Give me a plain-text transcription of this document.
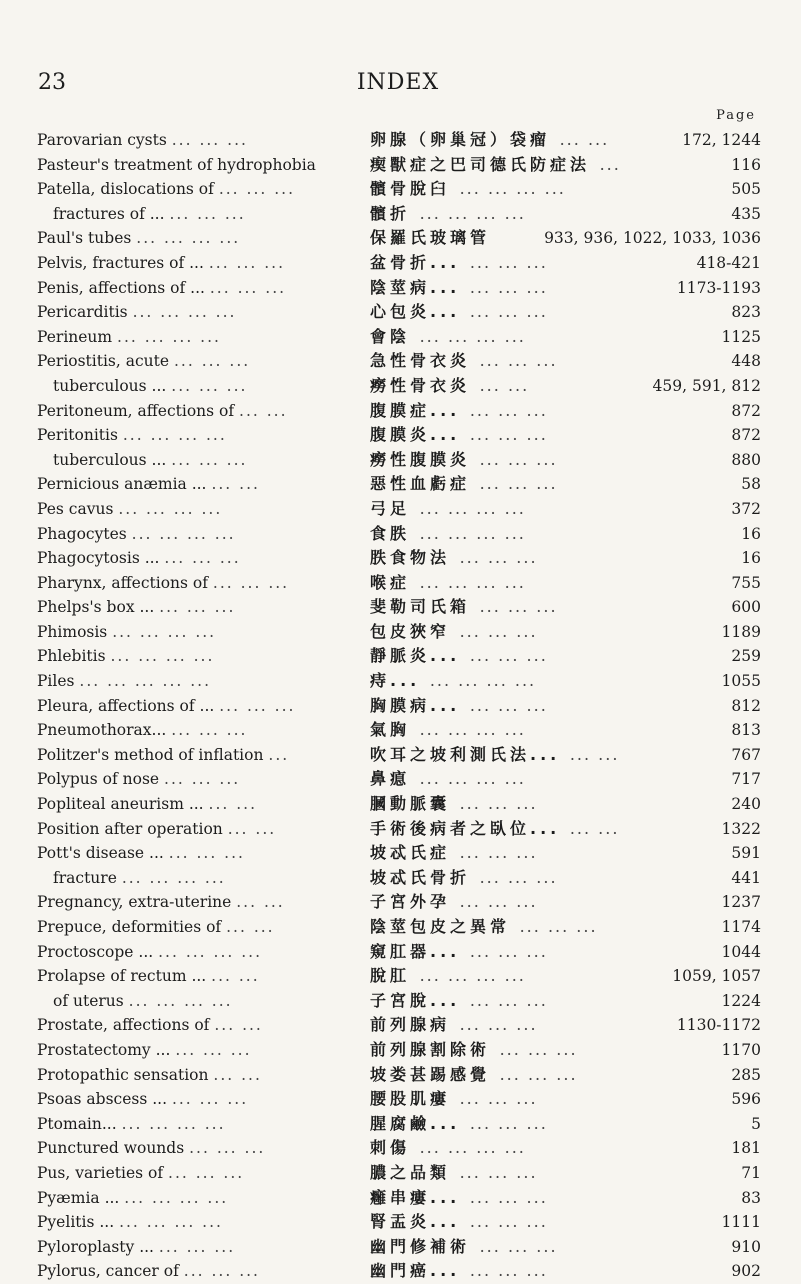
23	INDEX
Page
Parovarian cysts ... ... ...	卵腺（卵巢冠）袋瘤 ... ...	172, 1244
Pasteur's treatment of hydrophobia	瘈獸症之巴司德氏防症法 ...	116
Patella, dislocations of ... ... ...	髕骨脫臼 ... ... ... ...	505
fractures of ... ... ... ...	髕折 ... ... ... ...	435
Paul's tubes ... ... ... ...	保羅氏玻璃管	933, 936, 1022, 1033, 1036
Pelvis, fractures of ... ... ... ...	盆骨折... ... ... ...	418-421
Penis, affections of ... ... ... ...	陰莖病... ... ... ...	1173-1193
Pericarditis ... ... ... ...	心包炎... ... ... ...	823
Perineum ... ... ... ...	會陰 ... ... ... ...	1125
Periostitis, acute ... ... ...	急性骨衣炎 ... ... ...	448
tuberculous ... ... ... ...	癆性骨衣炎 ... ...	459, 591, 812
Peritoneum, affections of ... ...	腹膜症... ... ... ...	872
Peritonitis ... ... ... ...	腹膜炎... ... ... ...	872
tuberculous ... ... ... ...	癆性腹膜炎 ... ... ...	880
Pernicious anæmia ... ... ...	惡性血虧症 ... ... ...	58
Pes cavus ... ... ... ...	弓足 ... ... ... ...	372
Phagocytes ... ... ... ...	食胅 ... ... ... ...	16
Phagocytosis ... ... ... ...	胅食物法 ... ... ...	16
Pharynx, affections of ... ... ...	喉症 ... ... ... ...	755
Phelps's box ... ... ... ...	斐勒司氏箱 ... ... ...	600
Phimosis ... ... ... ...	包皮狹窄 ... ... ...	1189
Phlebitis ... ... ... ...	靜脈炎... ... ... ...	259
Piles ... ... ... ... ...	痔... ... ... ... ...	1055
Pleura, affections of ... ... ... ...	胸膜病... ... ... ...	812
Pneumothorax... ... ... ...	氣胸 ... ... ... ...	813
Politzer's method of inflation ...	吹耳之坡利測氏法... ... ...	767
Polypus of nose ... ... ...	鼻瘜 ... ... ... ...	717
Popliteal aneurism ... ... ...	膕動脈囊 ... ... ...	240
Position after operation ... ...	手術後病者之臥位... ... ...	1322
Pott's disease ... ... ... ...	坡忒氏症 ... ... ...	591
fracture ... ... ... ...	坡忒氏骨折 ... ... ...	441
Pregnancy, extra-uterine ... ...	子宮外孕 ... ... ...	1237
Prepuce, deformities of ... ...	陰莖包皮之異常 ... ... ...	1174
Proctoscope ... ... ... ... ...	窺肛器... ... ... ...	1044
Prolapse of rectum ... ... ...	脫肛 ... ... ... ...	1059, 1057
of uterus ... ... ... ...	子宮脫... ... ... ...	1224
Prostate, affections of ... ...	前列腺病 ... ... ...	1130-1172
Prostatectomy ... ... ... ...	前列腺割除術 ... ... ...	1170
Protopathic sensation ... ...	坡娄甚踢感覺 ... ... ...	285
Psoas abscess ... ... ... ...	腰股肌瘻 ... ... ...	596
Ptomain... ... ... ... ...	腥腐鹼... ... ... ...	5
Punctured wounds ... ... ...	刺傷 ... ... ... ...	181
Pus, varieties of ... ... ...	膿之品類 ... ... ...	71
Pyæmia ... ... ... ... ...	癰串瘻... ... ... ...	83
Pyelitis ... ... ... ... ...	腎盂炎... ... ... ...	1111
Pyloroplasty ... ... ... ...	幽門修補術 ... ... ...	910
Pylorus, cancer of ... ... ...	幽門癌... ... ... ...	902
